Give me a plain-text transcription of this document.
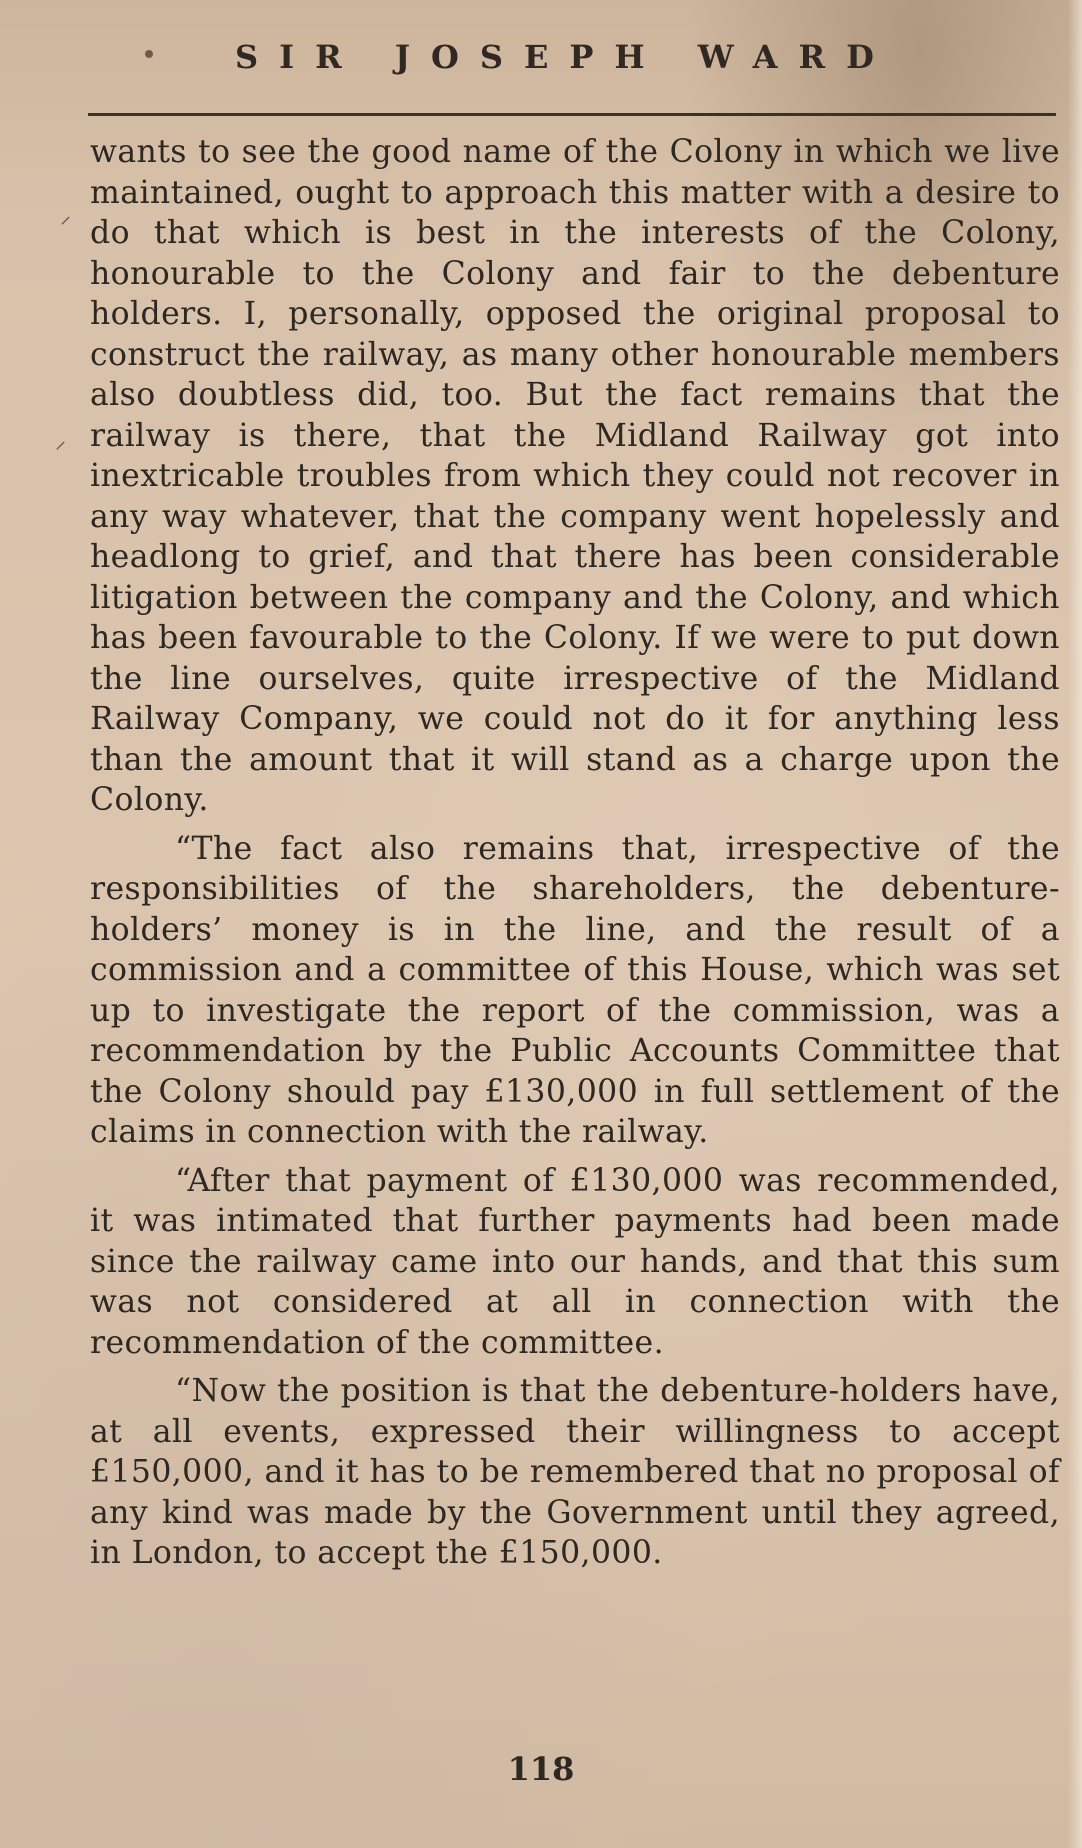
SIR JOSEPH WARD
⸝
⸝

wants to see the good name of the Colony in which we live maintained, ought to approach this matter with a desire to do that which is best in the interests of the Colony, honourable to the Colony and fair to the debenture holders. I, personally, opposed the original proposal to construct the railway, as many other honourable members also doubtless did, too. But the fact remains that the railway is there, that the Midland Railway got into inextricable troubles from which they could not recover in any way whatever, that the company went hopelessly and headlong to grief, and that there has been considerable litigation between the company and the Colony, and which has been favourable to the Colony. If we were to put down the line ourselves, quite irrespective of the Midland Railway Company, we could not do it for anything less than the amount that it will stand as a charge upon the Colony.

“The fact also remains that, irrespective of the responsibilities of the shareholders, the debenture-holders’ money is in the line, and the result of a commission and a committee of this House, which was set up to investigate the report of the commission, was a recommendation by the Public Accounts Committee that the Colony should pay £130,000 in full settlement of the claims in connection with the railway.

“After that payment of £130,000 was recommended, it was intimated that further payments had been made since the railway came into our hands, and that this sum was not considered at all in connection with the recommendation of the committee.

“Now the position is that the debenture-holders have, at all events, expressed their willingness to accept £150,000, and it has to be remembered that no proposal of any kind was made by the Government until they agreed, in London, to accept the £150,000.

118
